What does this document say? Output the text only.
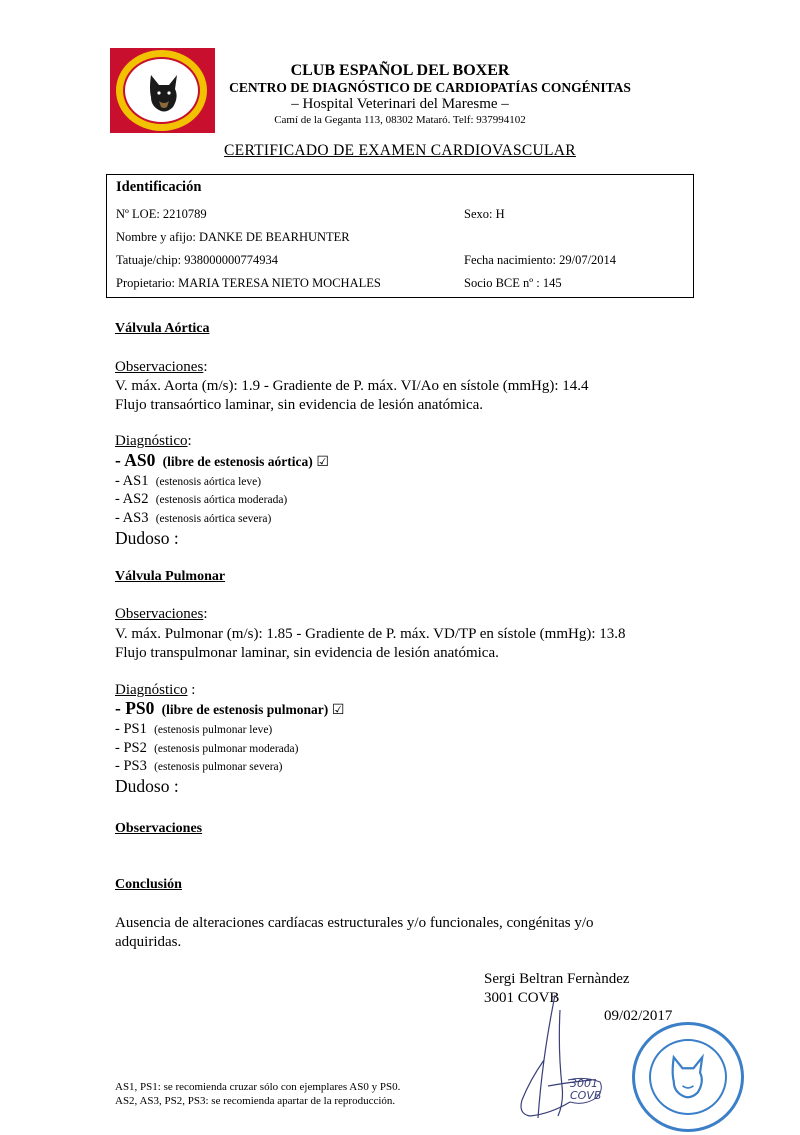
CLUB ESPAÑOL DEL BOXER
CENTRO DE DIAGNÓSTICO DE CARDIOPATÍAS CONGÉNITAS
– Hospital Veterinari del Maresme –
Camí de la Geganta 113, 08302 Mataró. Telf: 937994102
CERTIFICADO DE EXAMEN CARDIOVASCULAR
Identificación
Nº LOE: 2210789	Sexo: H
Nombre y afijo: DANKE DE BEARHUNTER
Tatuaje/chip: 938000000774934	Fecha nacimiento: 29/07/2014
Propietario: MARIA TERESA NIETO MOCHALES	Socio BCE nº : 145
Válvula Aórtica
Observaciones:
V. máx. Aorta (m/s): 1.9 - Gradiente de P. máx. VI/Ao en sístole (mmHg): 14.4
Flujo transaórtico laminar, sin evidencia de lesión anatómica.
Diagnóstico:
- AS0 (libre de estenosis aórtica) ☑
- AS1 (estenosis aórtica leve)
- AS2 (estenosis aórtica moderada)
- AS3 (estenosis aórtica severa)
Dudoso :
Válvula Pulmonar
Observaciones:
V. máx. Pulmonar (m/s): 1.85 - Gradiente de P. máx. VD/TP en sístole (mmHg): 13.8
Flujo transpulmonar laminar, sin evidencia de lesión anatómica.
Diagnóstico :
- PS0 (libre de estenosis pulmonar) ☑
- PS1 (estenosis pulmonar leve)
- PS2 (estenosis pulmonar moderada)
- PS3 (estenosis pulmonar severa)
Dudoso :
Observaciones
Conclusión
Ausencia de alteraciones cardíacas estructurales y/o funcionales, congénitas y/o
adquiridas.
Sergi Beltran Fernàndez
3001 COVB
09/02/2017
3001 COVB
AS1, PS1: se recomienda cruzar sólo con ejemplares AS0 y PS0.
AS2, AS3, PS2, PS3: se recomienda apartar de la reproducción.
